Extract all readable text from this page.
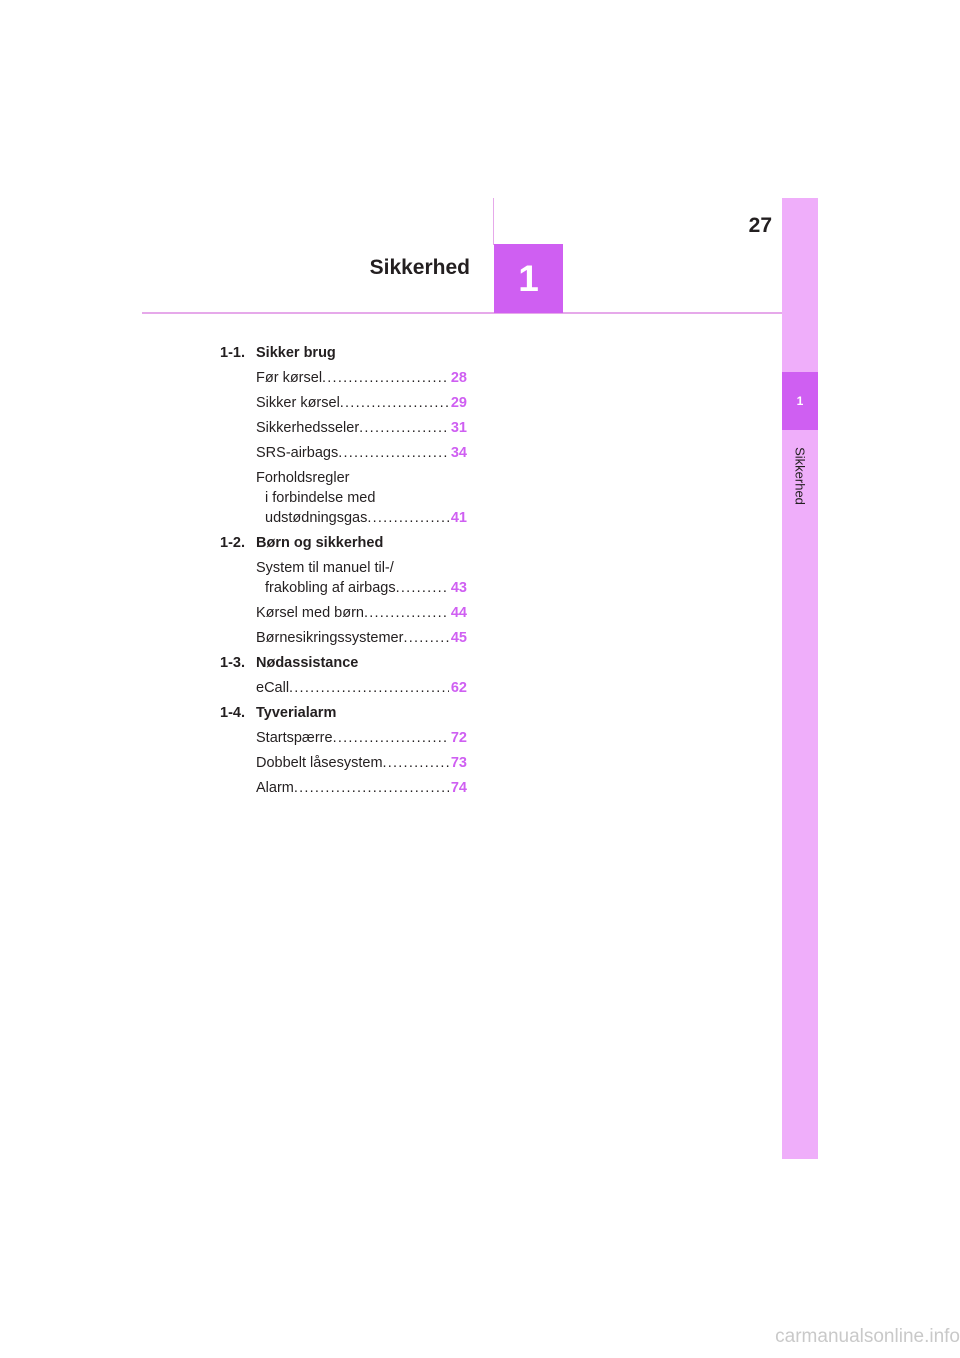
1
Sikkerhed
27
Sikkerhed 1
1-1. Sikker brug
Før kørsel . . .	28
Sikker kørsel . . .	29
Sikkerhedsseler . . .	31
SRS-airbags . . .	34
Forholdsregler
i forbindelse med
udstødningsgas . . .	41
1-2. Børn og sikkerhed
System til manuel til-/
frakobling af airbags . . .	43
Kørsel med børn . . .	44
Børnesikringssystemer . . .	45
1-3. Nødassistance
eCall . . .	62
1-4. Tyverialarm
Startspærre . . .	72
Dobbelt låsesystem . . .	73
Alarm . . .	74
carmanualsonline.info
